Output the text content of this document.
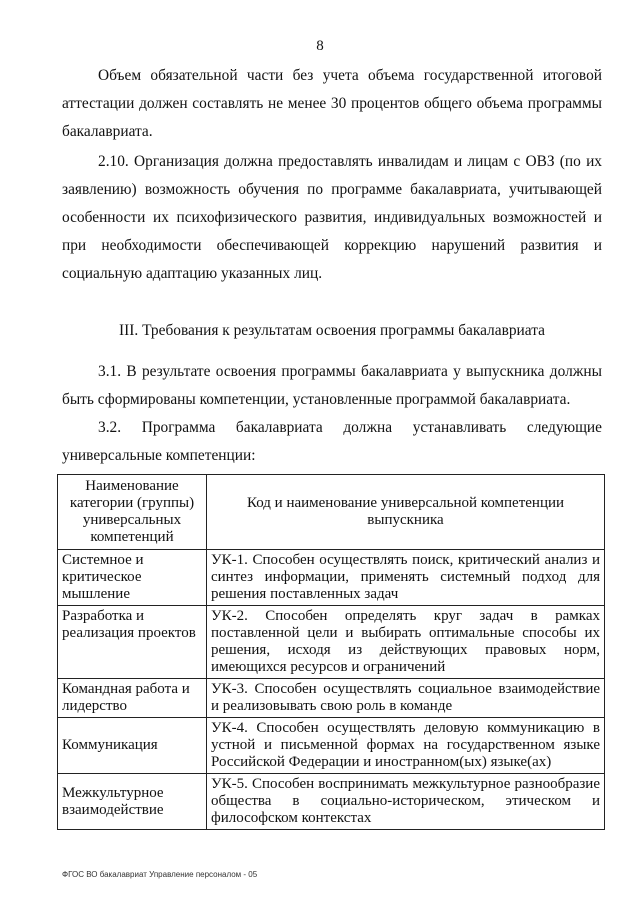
8

Объем обязательной части без учета объема государственной итоговой аттестации должен составлять не менее 30 процентов общего объема программы бакалавриата.

2.10. Организация должна предоставлять инвалидам и лицам с ОВЗ (по их заявлению) возможность обучения по программе бакалавриата, учитывающей особенности их психофизического развития, индивидуальных возможностей и при необходимости обеспечивающей коррекцию нарушений развития и социальную адаптацию указанных лиц.

III. Требования к результатам освоения программы бакалавриата

3.1. В результате освоения программы бакалавриата у выпускника должны быть сформированы компетенции, установленные программой бакалавриата.

3.2. Программа бакалавриата должна устанавливать следующие универсальные компетенции:

Наименование категории (группы) универсальных компетенций	Код и наименование универсальной компетенции выпускника
Системное и критическое мышление	УК-1. Способен осуществлять поиск, критический анализ и синтез информации, применять системный подход для решения поставленных задач
Разработка и реализация проектов	УК-2. Способен определять круг задач в рамках поставленной цели и выбирать оптимальные способы их решения, исходя из действующих правовых норм, имеющихся ресурсов и ограничений
Командная работа и лидерство	УК-3. Способен осуществлять социальное взаимодействие и реализовывать свою роль в команде
Коммуникация	УК-4. Способен осуществлять деловую коммуникацию в устной и письменной формах на государственном языке Российской Федерации и иностранном(ых) языке(ах)
Межкультурное взаимодействие	УК-5. Способен воспринимать межкультурное разнообразие общества в социально-историческом, этическом и философском контекстах
ФГОС ВО бакалавриат Управление персоналом - 05
